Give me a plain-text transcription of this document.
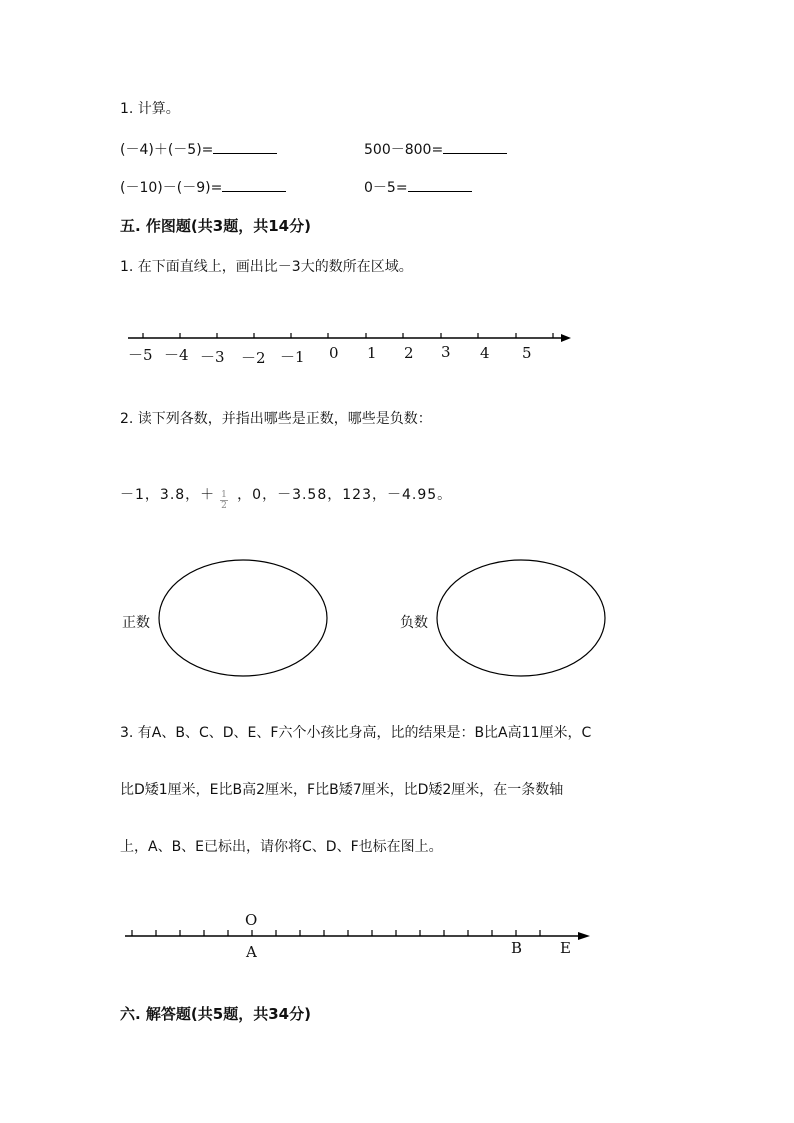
1. 计算。
(－4)＋(－5)=	500－800=
(－10)－(－9)=	0－5=
五. 作图题(共3题，共14分)
1. 在下面直线上，画出比－3大的数所在区域。
－5 －4 －3 －2 －1 0 1 2 3 4 5
2. 读下列各数，并指出哪些是正数，哪些是负数：
－1，3.8，＋ ，0，－3.58，123，－4.95。
1
2
正数	负数
3. 有A、B、C、D、E、F六个小孩比身高，比的结果是：B比A高11厘米，C
比D矮1厘米，E比B高2厘米，F比B矮7厘米，比D矮2厘米，在一条数轴
上，A、B、E已标出，请你将C、D、F也标在图上。
O
A	B	E
六. 解答题(共5题，共34分)
